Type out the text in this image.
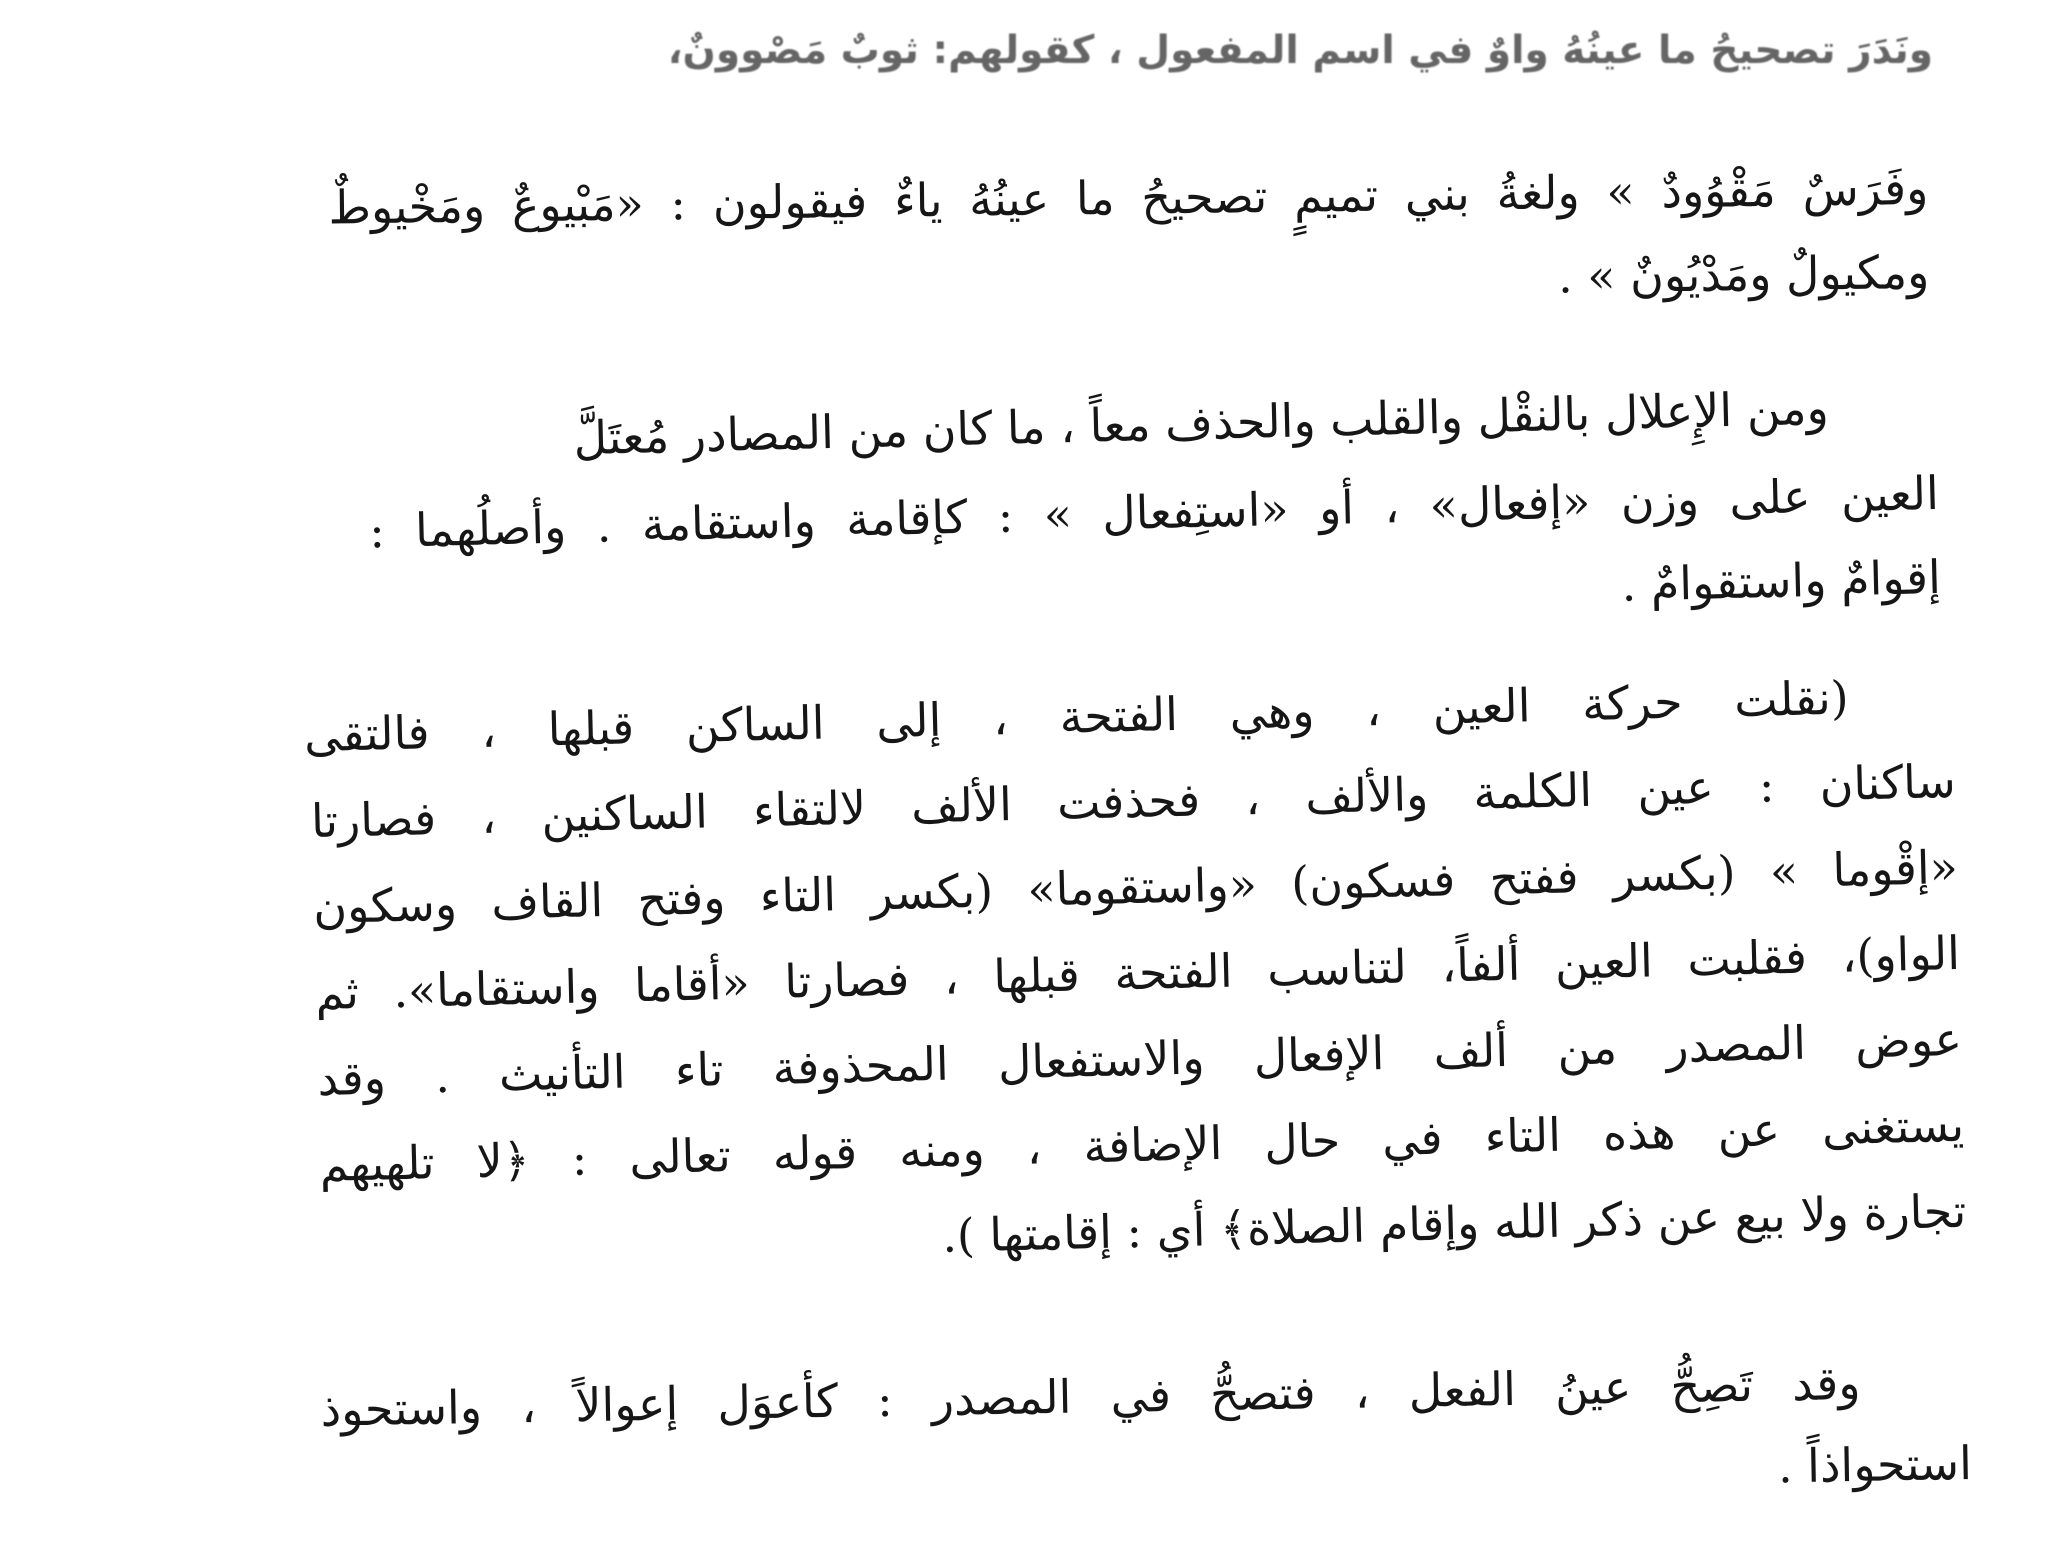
ونَدَرَ تصحيحُ ما عينُهُ واوٌ في اسم المفعول ، كقولهم: ثوبٌ مَصْوونٌ،
وفَرَسٌ مَقْوُودٌ » ولغةُ بني تميمٍ تصحيحُ ما عينُهُ ياءٌ فيقولون : «مَبْيوعٌ ومَخْيوطٌ
ومكيولٌ ومَدْيُونٌ » .
ومن الإِعلال بالنقْل والقلب والحذف معاً ، ما كان من المصادر مُعتَلَّ
العين على وزن «إفعال» ، أو «استِفعال » : كإقامة واستقامة . وأصلُهما :
إقوامٌ واستقوامٌ .
(نقلت حركة العين ، وهي الفتحة ، إلى الساكن قبلها ، فالتقى
ساكنان : عين الكلمة والألف ، فحذفت الألف لالتقاء الساكنين ، فصارتا
«إقْوما » (بكسر ففتح فسكون) «واستقوما» (بكسر التاء وفتح القاف وسكون
الواو)، فقلبت العين ألفاً، لتناسب الفتحة قبلها ، فصارتا «أقاما واستقاما». ثم
عوض المصدر من ألف الإفعال والاستفعال المحذوفة تاء التأنيث . وقد
يستغنى عن هذه التاء في حال الإضافة ، ومنه قوله تعالى : ﴿لا تلهيهم
تجارة ولا بيع عن ذكر الله وإقام الصلاة﴾ أي : إقامتها ).
وقد تَصِحُّ عينُ الفعل ، فتصحُّ في المصدر : كأعوَل إعوالاً ، واستحوذ
استحواذاً .
